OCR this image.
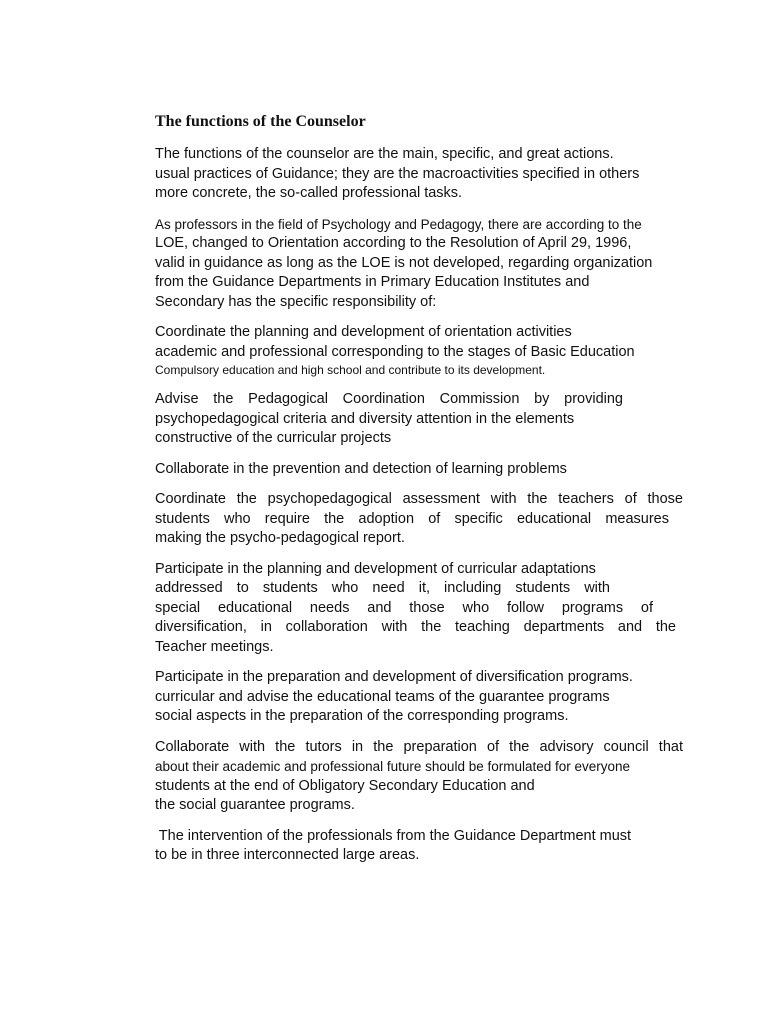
The functions of the Counselor
The functions of the counselor are the main, specific, and great actions.
usual practices of Guidance; they are the macroactivities specified in others
more concrete, the so-called professional tasks.
As professors in the field of Psychology and Pedagogy, there are according to the
LOE, changed to Orientation according to the Resolution of April 29, 1996,
valid in guidance as long as the LOE is not developed, regarding organization
from the Guidance Departments in Primary Education Institutes and
Secondary has the specific responsibility of:
Coordinate the planning and development of orientation activities
academic and professional corresponding to the stages of Basic Education
Compulsory education and high school and contribute to its development.
Advise the Pedagogical Coordination Commission by providing
psychopedagogical criteria and diversity attention in the elements
constructive of the curricular projects
Collaborate in the prevention and detection of learning problems
Coordinate the psychopedagogical assessment with the teachers of those
students who require the adoption of specific educational measures
making the psycho-pedagogical report.
Participate in the planning and development of curricular adaptations
addressed to students who need it, including students with
special educational needs and those who follow programs of
diversification, in collaboration with the teaching departments and the
Teacher meetings.
Participate in the preparation and development of diversification programs.
curricular and advise the educational teams of the guarantee programs
social aspects in the preparation of the corresponding programs.
Collaborate with the tutors in the preparation of the advisory council that
about their academic and professional future should be formulated for everyone
students at the end of Obligatory Secondary Education and
the social guarantee programs.
The intervention of the professionals from the Guidance Department must
to be in three interconnected large areas.
